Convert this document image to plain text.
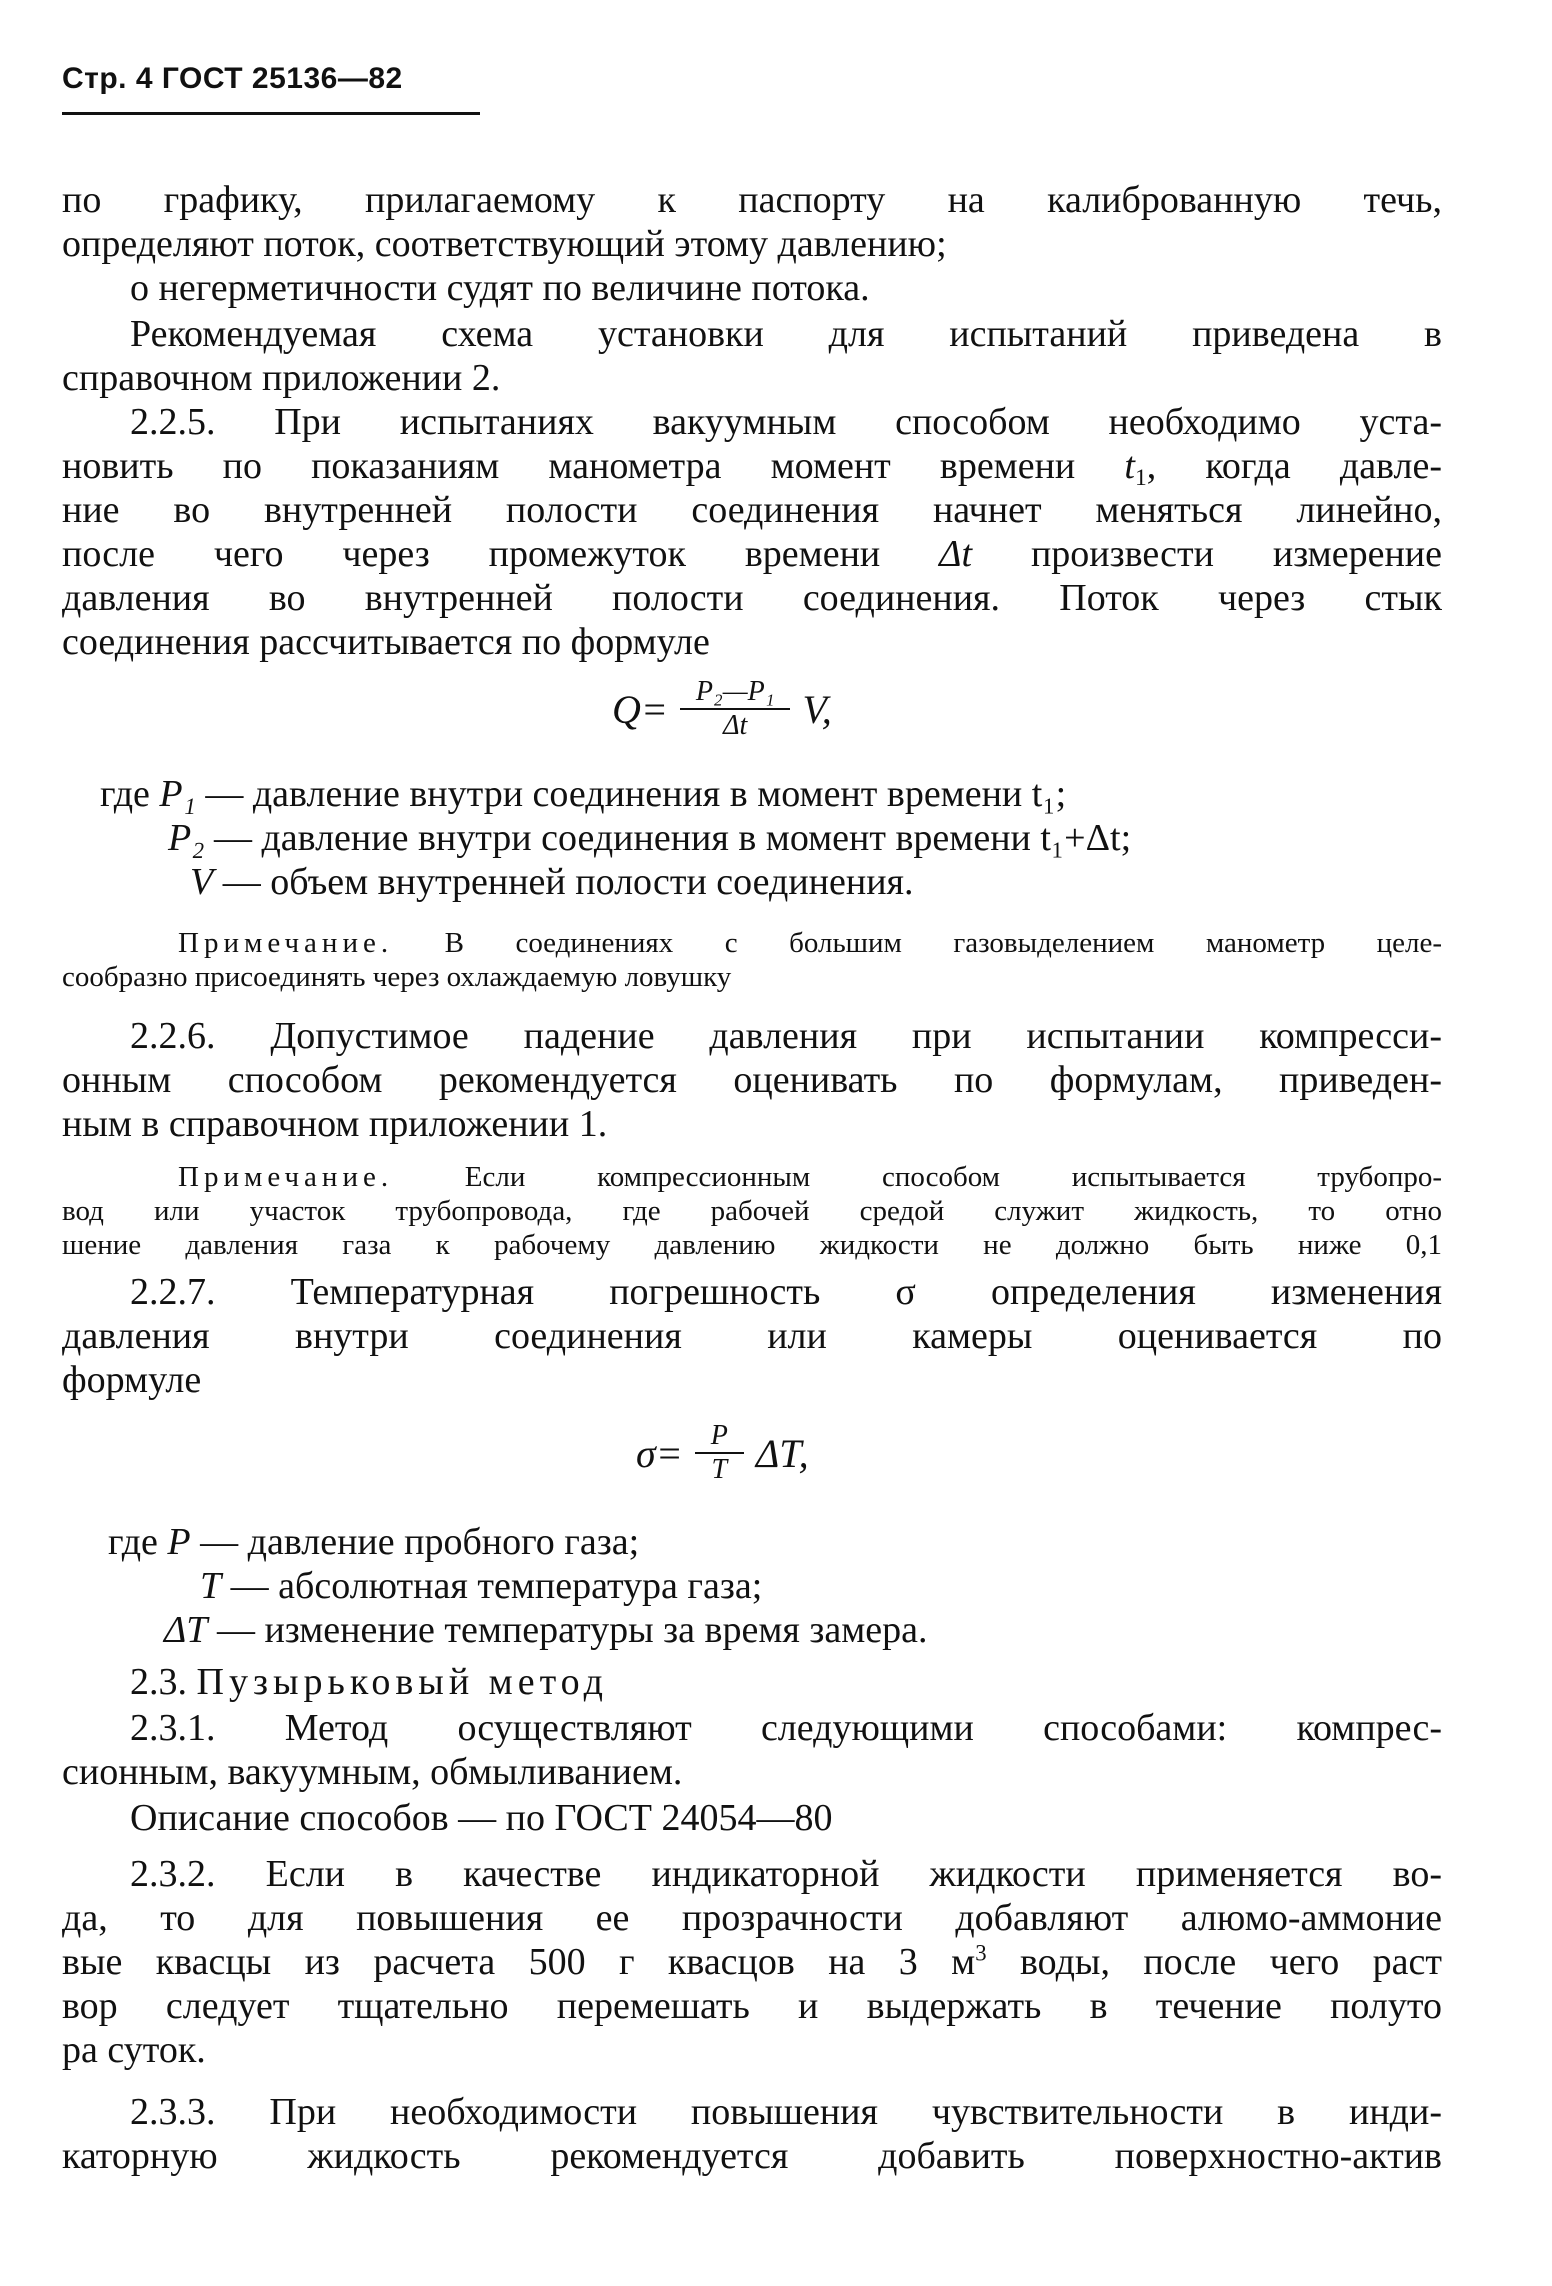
Стр. 4 ГОСТ 25136—82
по графику, прилагаемому к паспорту на калиброванную течь,
определяют поток, соответствующий этому давлению;
о негерметичности судят по величине потока.
Рекомендуемая схема установки для испытаний приведена в
справочном приложении 2.
2.2.5. При испытаниях вакуумным способом необходимо уста-
новить по показаниям манометра момент времени $t_1$, когда давле-
ние во внутренней полости соединения начнет меняться линейно,
после чего через промежуток времени Δt произвести измерение
давления во внутренней полости соединения. Поток через стык
соединения рассчитывается по формуле
$Q= \frac{\text{P₂—P₁}}{\Delta t} V$,
где P₁ — давление внутри соединения в момент времени t₁;
P₂ — давление внутри соединения в момент времени t₁+Δt;
V — объем внутренней полости соединения.
Примечание. В соединениях с большим газовыделением манометр целе-
сообразно присоединять через охлаждаемую ловушку
2.2.6. Допустимое падение давления при испытании компресси-
онным способом рекомендуется оценивать по формулам, приведен-
ным в справочном приложении 1.
Примечание. Если компрессионным способом испытывается трубопро-
вод или участок трубопровода, где рабочей средой служит жидкость, то отно
шение давления газа к рабочему давлению жидкости не должно быть ниже 0,1
2.2.7. Температурная погрешность σ определения изменения
давления внутри соединения или камеры оценивается по
формуле
$\sigma= \frac{P}{T} \Delta T$,
где P — давление пробного газа;
T — абсолютная температура газа;
ΔT — изменение температуры за время замера.
2.3. Пузырьковый метод
2.3.1. Метод осуществляют следующими способами: компрес-
сионным, вакуумным, обмыливанием.
Описание способов — по ГОСТ 24054—80
2.3.2. Если в качестве индикаторной жидкости применяется во-
да, то для повышения ее прозрачности добавляют алюмо-аммоние
вые квасцы из расчета 500 г квасцов на 3 $м^3$ воды, после чего раст
вор следует тщательно перемешать и выдержать в течение полуто
ра суток.
2.3.3. При необходимости повышения чувствительности в инди-
каторную жидкость рекомендуется добавить поверхностно-актив
